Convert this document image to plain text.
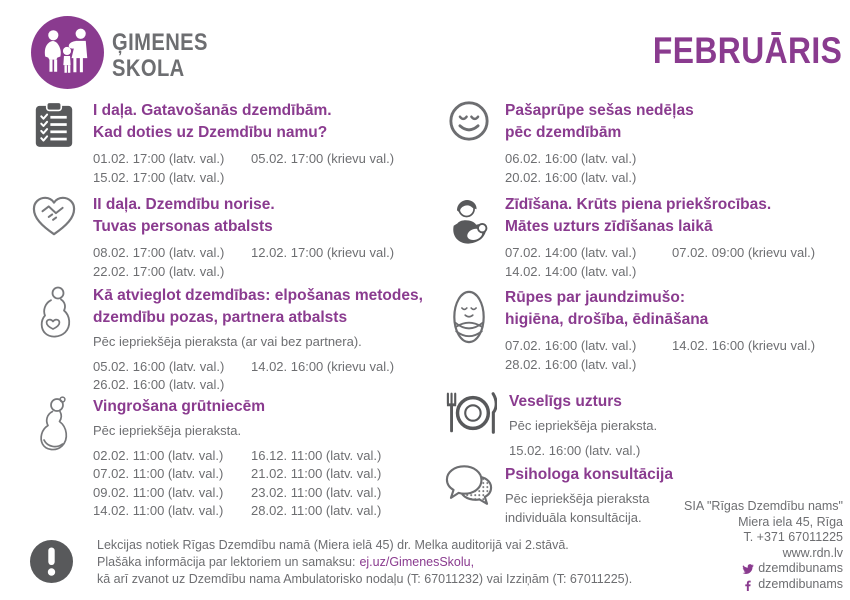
ĢIMENES
SKOLA	FEBRUĀRIS
I daļa. Gatavošanās dzemdībām.
Kad doties uz Dzemdību namu?
01.02. 17:00 (latv. val.)	05.02. 17:00 (krievu val.)
15.02. 17:00 (latv. val.)
II daļa. Dzemdību norise.
Tuvas personas atbalsts
08.02. 17:00 (latv. val.)	12.02. 17:00 (krievu val.)
22.02. 17:00 (latv. val.)
Kā atvieglot dzemdības: elpošanas metodes,
dzemdību pozas, partnera atbalsts
Pēc iepriekšēja pieraksta (ar vai bez partnera).
05.02. 16:00 (latv. val.)	14.02. 16:00 (krievu val.)
26.02. 16:00 (latv. val.)
Vingrošana grūtniecēm
Pēc iepriekšēja pieraksta.
02.02. 11:00 (latv. val.)	16.12. 11:00 (latv. val.)
07.02. 11:00 (latv. val.)	21.02. 11:00 (latv. val.)
09.02. 11:00 (latv. val.)	23.02. 11:00 (latv. val.)
14.02. 11:00 (latv. val.)	28.02. 11:00 (latv. val.)
Pašaprūpe sešas nedēļas
pēc dzemdībām
06.02. 16:00 (latv. val.)
20.02. 16:00 (latv. val.)
Zīdīšana. Krūts piena priekšrocības.
Mātes uzturs zīdīšanas laikā
07.02. 14:00 (latv. val.)	07.02. 09:00 (krievu val.)
14.02. 14:00 (latv. val.)
Rūpes par jaundzimušo:
higiēna, drošība, ēdināšana
07.02. 16:00 (latv. val.)	14.02. 16:00 (krievu val.)
28.02. 16:00 (latv. val.)
Veselīgs uzturs
Pēc iepriekšēja pieraksta.
15.02. 16:00 (latv. val.)
Psihologa konsultācija
Pēc iepriekšēja pieraksta
individuāla konsultācija.
Lekcijas notiek Rīgas Dzemdību namā (Miera ielā 45) dr. Melka auditorijā vai 2.stāvā.
Plašāka informācija par lektoriem un samaksu: ej.uz/GimenesSkolu,
kā arī zvanot uz Dzemdību nama Ambulatorisko nodaļu (T: 67011232) vai Izziņām (T: 67011225).
SIA "Rīgas Dzemdību nams"
Miera iela 45, Rīga
T. +371 67011225
www.rdn.lv
dzemdibunams
dzemdibunams
